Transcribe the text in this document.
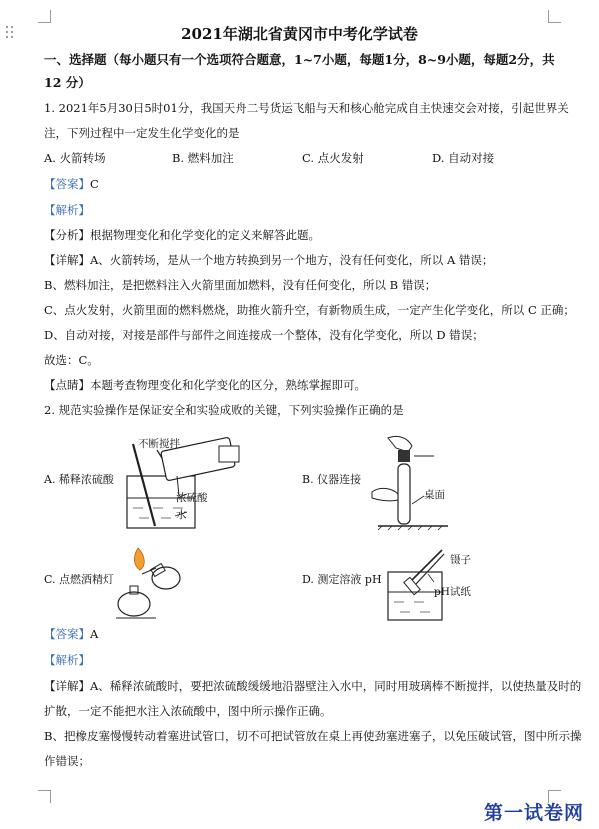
2021年湖北省黄冈市中考化学试卷
一、选择题（每小题只有一个选项符合题意，1~7小题，每题1分，8~9小题，每题2分，共
12 分）
1. 2021年5月30日5时01分，我国天舟二号货运飞船与天和核心舱完成自主快速交会对接，引起世界关
注，下列过程中一定发生化学变化的是
A. 火箭转场	B. 燃料加注	C. 点火发射	D. 自动对接
【答案】C
【解析】
【分析】根据物理变化和化学变化的定义来解答此题。
【详解】A、火箭转场，是从一个地方转换到另一个地方，没有任何变化，所以 A 错误；
B、燃料加注，是把燃料注入火箭里面加燃料，没有任何变化，所以 B 错误；
C、点火发射，火箭里面的燃料燃烧，助推火箭升空，有新物质生成，一定产生化学变化，所以 C 正确；
D、自动对接，对接是部件与部件之间连接成一个整体，没有化学变化，所以 D 错误；
故选：C。
【点睛】本题考查物理变化和化学变化的区分，熟练掌握即可。
2. 规范实验操作是保证安全和实验成败的关键，下列实验操作正确的是
不断搅拌
浓硫酸
水
A. 稀释浓硫酸
桌面
B. 仪器连接
C. 点燃酒精灯
镊子
pH试纸
D. 测定溶液 pH
【答案】A
【解析】
【详解】A、稀释浓硫酸时，要把浓硫酸缓缓地沿器壁注入水中，同时用玻璃棒不断搅拌，以使热量及时的
扩散，一定不能把水注入浓硫酸中，图中所示操作正确。
B、把橡皮塞慢慢转动着塞进试管口，切不可把试管放在桌上再使劲塞进塞子，以免压破试管，图中所示操
作错误；
第一试卷网
